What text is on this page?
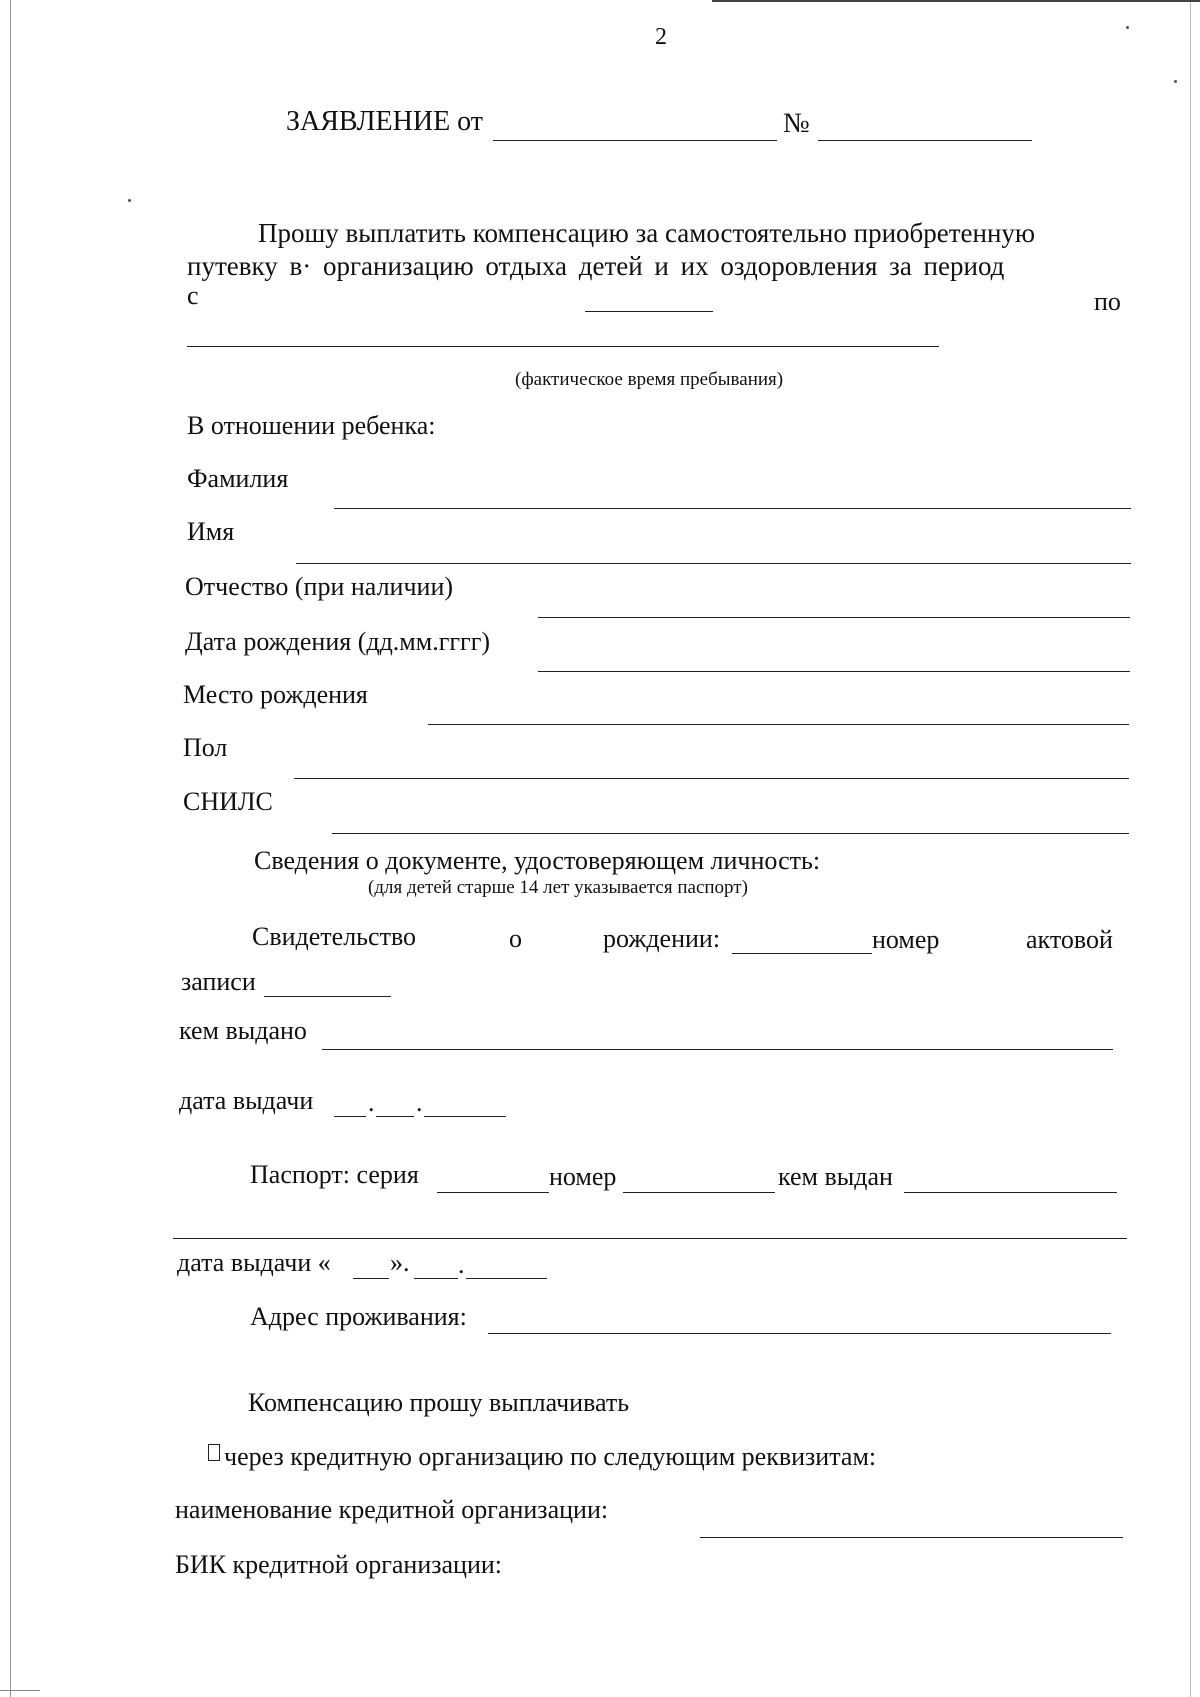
2
ЗАЯВЛЕНИЕ от	№
Прошу выплатить компенсацию за самостоятельно приобретенную
путевку в· организацию отдыха детей и их оздоровления за период
с	по
(фактическое время пребывания)
В отношении ребенка:
Фамилия
Имя
Отчество (при наличии)
Дата рождения (дд.мм.гггг)
Место рождения
Пол
СНИЛС
Сведения о документе, удостоверяющем личность:
(для детей старше 14 лет указывается паспорт)
Свидетельство	о	рождении:	номер	актовой
записи
кем выдано
дата выдачи . .
Паспорт: серия	номер	кем выдан
дата выдачи « ». .
Адрес проживания:
Компенсацию прошу выплачивать
через кредитную организацию по следующим реквизитам:
наименование кредитной организации:
БИК кредитной организации:
